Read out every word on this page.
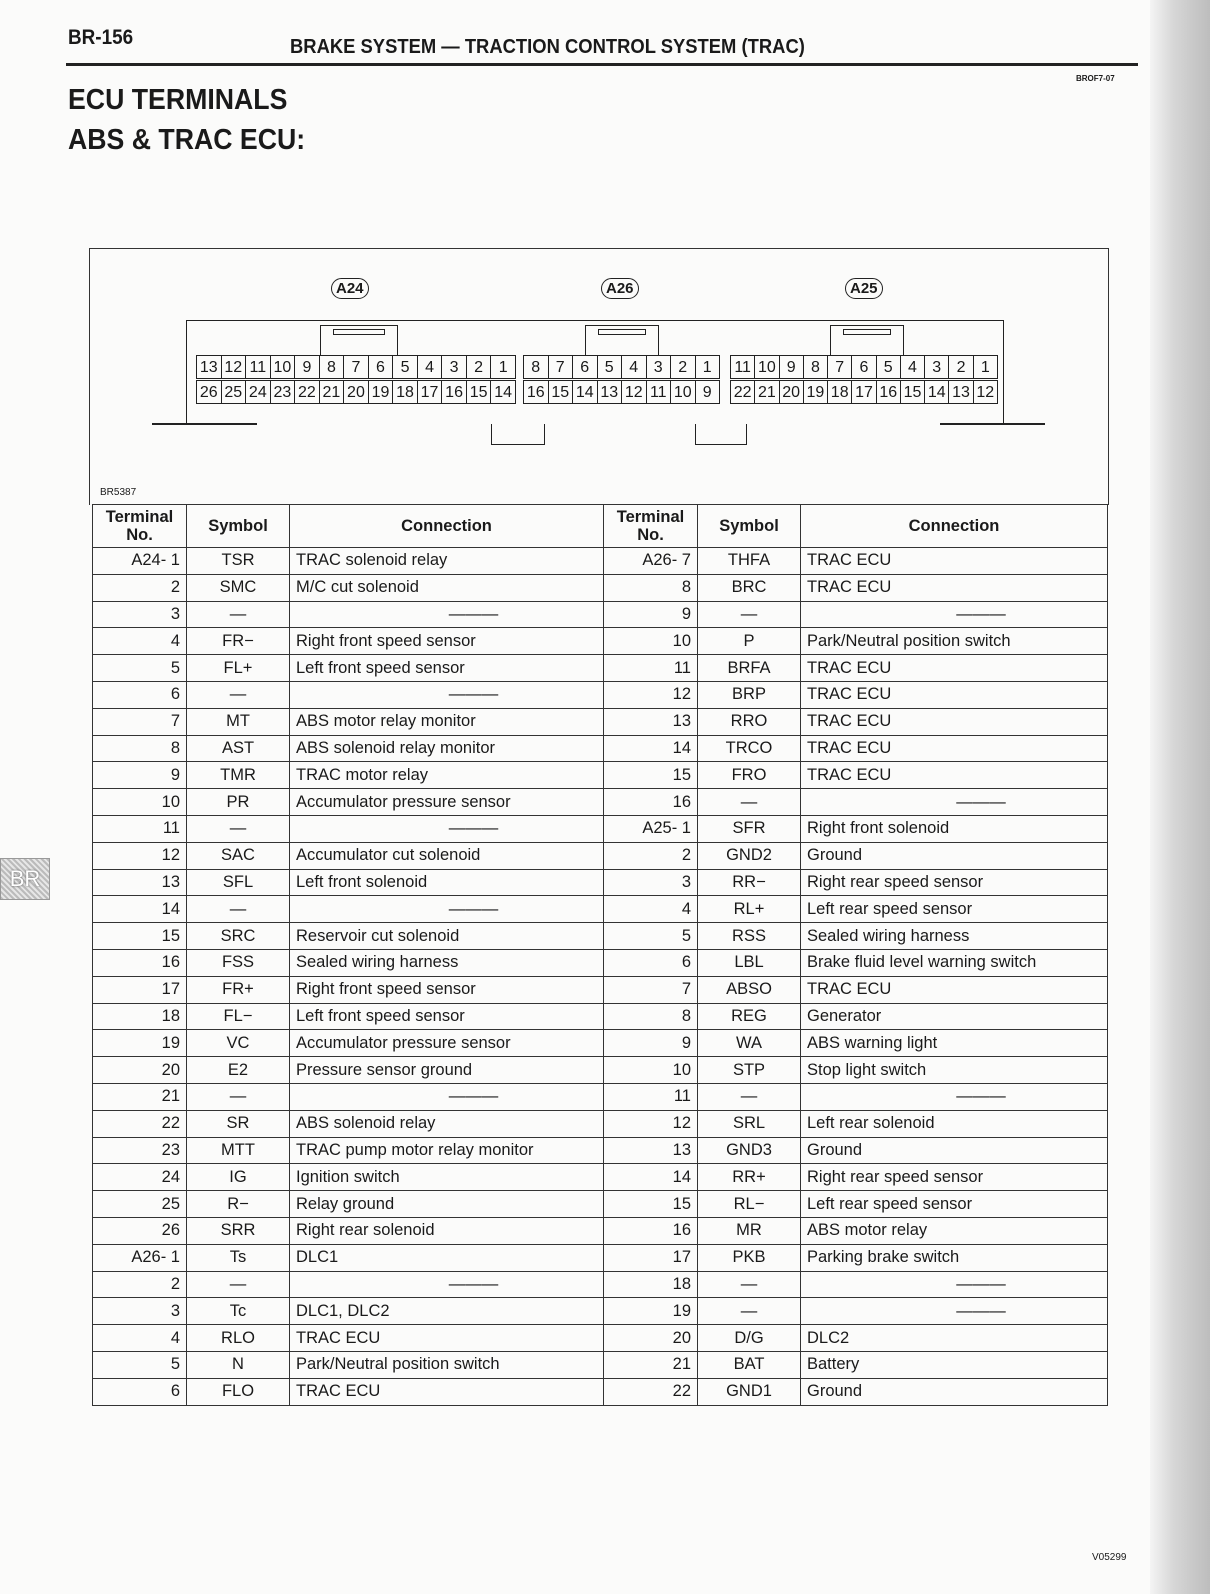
BR-156	BRAKE SYSTEM — TRACTION CONTROL SYSTEM (TRAC)
BROF7-07
ECU TERMINALS
ABS & TRAC ECU:
BR
A24	A26	A25
13 12 11 10 9 8 7 6 5 4 3 2 1
26 25 24 23 22 21 20 19 18 17 16 15 14
8 7 6 5 4 3 2 1
16 15 14 13 12 11 10 9
11 10 9 8 7 6 5 4 3 2 1
22 21 20 19 18 17 16 15 14 13 12
BR5387
Terminal No.	Symbol	Connection
A24- 1	TSR	TRAC solenoid relay
2	SMC	M/C cut solenoid
3	—	———
4	FR−	Right front speed sensor
5	FL+	Left front speed sensor
6	—	———
7	MT	ABS motor relay monitor
8	AST	ABS solenoid relay monitor
9	TMR	TRAC motor relay
10	PR	Accumulator pressure sensor
11	—	———
12	SAC	Accumulator cut solenoid
13	SFL	Left front solenoid
14	—	———
15	SRC	Reservoir cut solenoid
16	FSS	Sealed wiring harness
17	FR+	Right front speed sensor
18	FL−	Left front speed sensor
19	VC	Accumulator pressure sensor
20	E2	Pressure sensor ground
21	—	———
22	SR	ABS solenoid relay
23	MTT	TRAC pump motor relay monitor
24	IG	Ignition switch
25	R−	Relay ground
26	SRR	Right rear solenoid
A26- 1	Ts	DLC1
2	—	———
3	Tc	DLC1, DLC2
4	RLO	TRAC ECU
5	N	Park/Neutral position switch
6	FLO	TRAC ECU
Terminal No.	Symbol	Connection
A26- 7	THFA	TRAC ECU
8	BRC	TRAC ECU
9	—	———
10	P	Park/Neutral position switch
11	BRFA	TRAC ECU
12	BRP	TRAC ECU
13	RRO	TRAC ECU
14	TRCO	TRAC ECU
15	FRO	TRAC ECU
16	—	———
A25- 1	SFR	Right front solenoid
2	GND2	Ground
3	RR−	Right rear speed sensor
4	RL+	Left rear speed sensor
5	RSS	Sealed wiring harness
6	LBL	Brake fluid level warning switch
7	ABSO	TRAC ECU
8	REG	Generator
9	WA	ABS warning light
10	STP	Stop light switch
11	—	———
12	SRL	Left rear solenoid
13	GND3	Ground
14	RR+	Right rear speed sensor
15	RL−	Left rear speed sensor
16	MR	ABS motor relay
17	PKB	Parking brake switch
18	—	———
19	—	———
20	D/G	DLC2
21	BAT	Battery
22	GND1	Ground
V05299
